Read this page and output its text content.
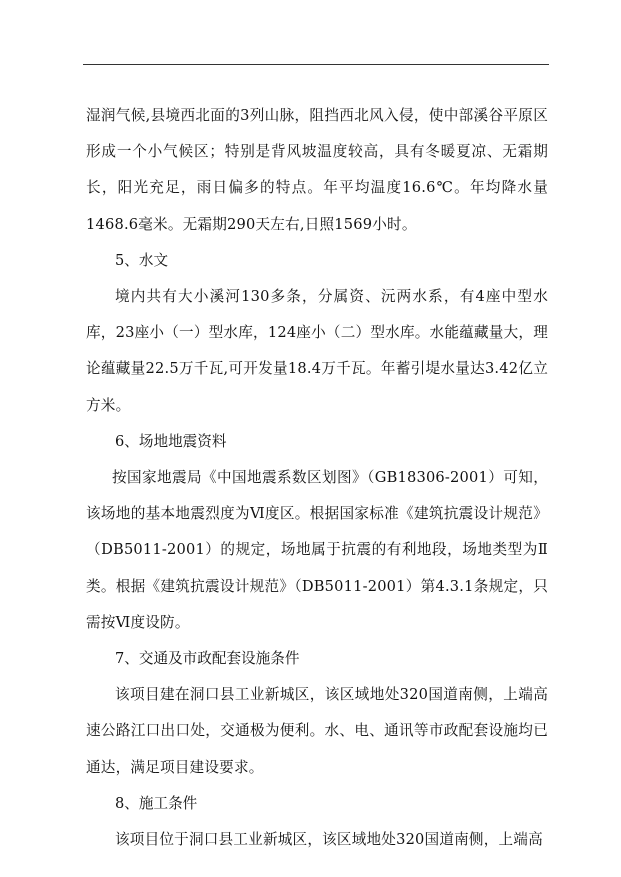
湿润气候,县境西北面的3列山脉，阻挡西北风入侵，使中部溪谷平原区形成一个小气候区；特别是背风坡温度较高，具有冬暖夏凉、无霜期长，阳光充足，雨日偏多的特点。年平均温度16.6℃。年均降水量1468.6毫米。无霜期290天左右,日照1569小时。

5、水文

境内共有大小溪河130多条，分属资、沅两水系，有4座中型水库，23座小（一）型水库，124座小（二）型水库。水能蕴藏量大，理论蕴藏量22.5万千瓦,可开发量18.4万千瓦。年蓄引堤水量达3.42亿立方米。

6、场地地震资料

按国家地震局《中国地震系数区划图》（GB18306-2001）可知，该场地的基本地震烈度为Ⅵ度区。根据国家标准《建筑抗震设计规范》（DB5011-2001）的规定，场地属于抗震的有利地段，场地类型为Ⅱ类。根据《建筑抗震设计规范》（DB5011-2001）第4.3.1条规定，只需按Ⅵ度设防。

7、交通及市政配套设施条件

该项目建在洞口县工业新城区，该区域地处320国道南侧，上端高速公路江口出口处，交通极为便利。水、电、通讯等市政配套设施均已通达，满足项目建设要求。

8、施工条件

该项目位于洞口县工业新城区，该区域地处320国道南侧，上端高
